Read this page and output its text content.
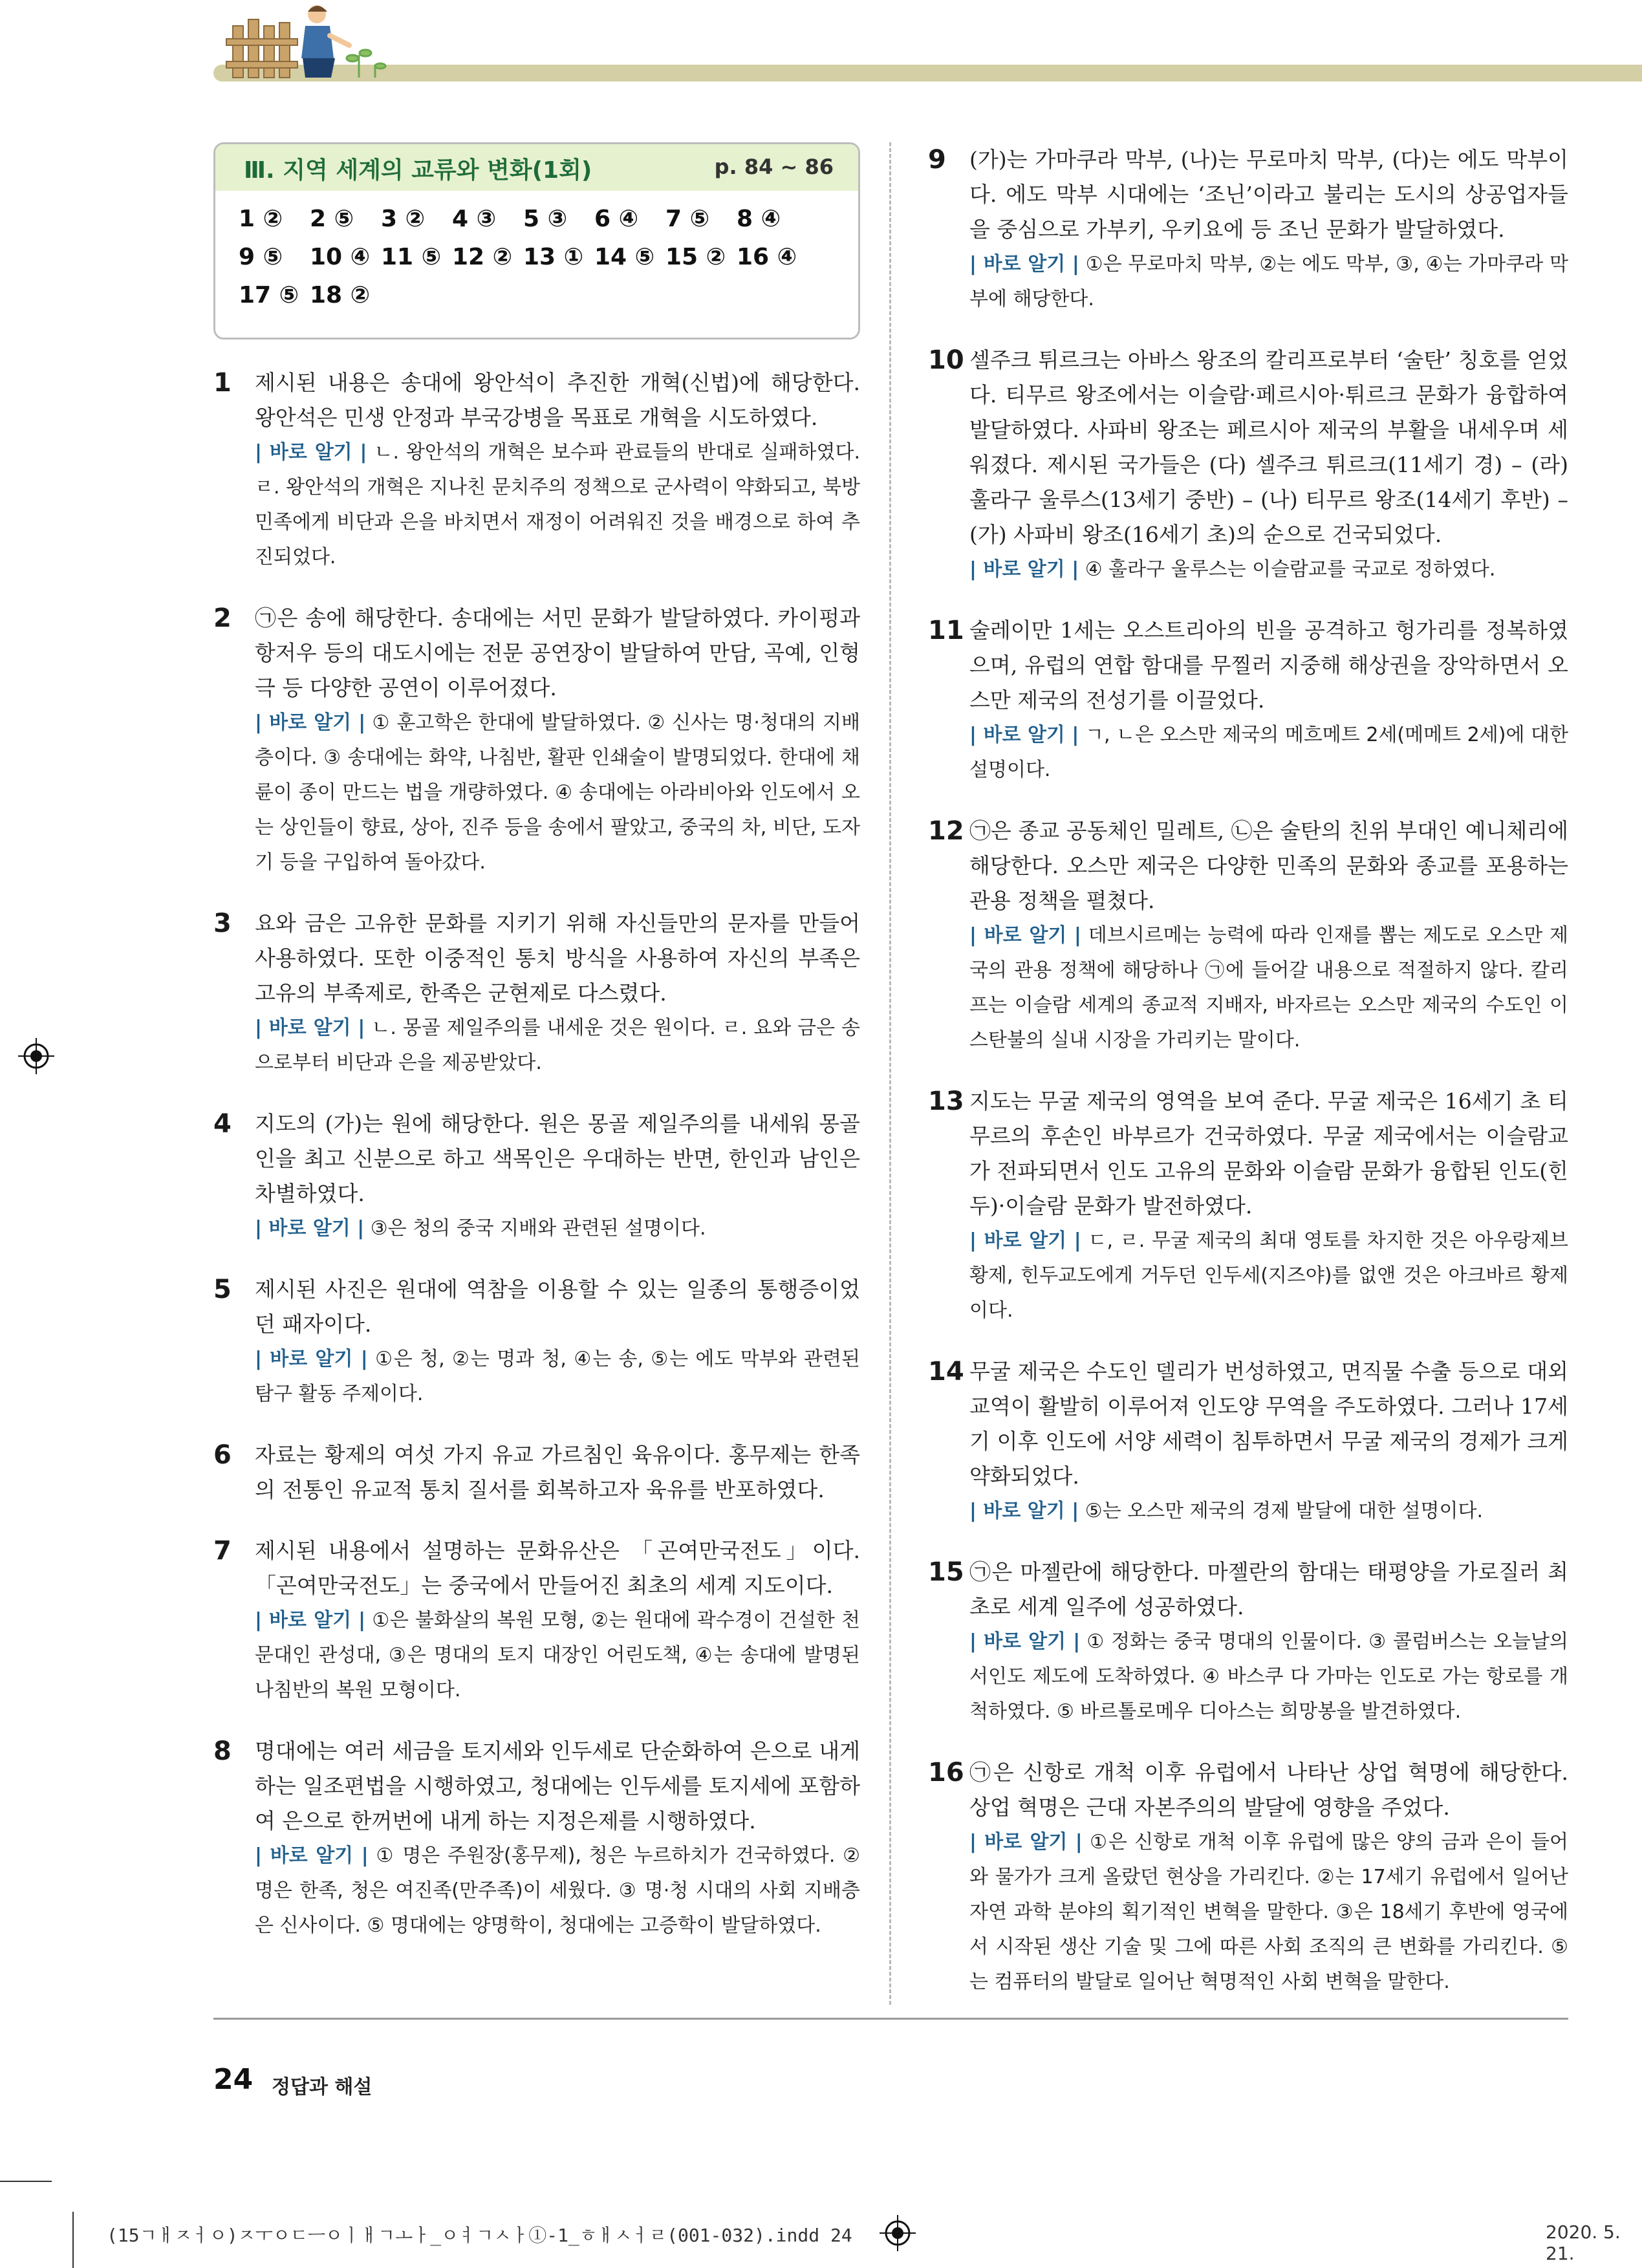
Ⅲ. 지역 세계의 교류와 변화(1회)	p. 84 ~ 86
1 ②	2 ⑤	3 ②	4 ③	5 ③	6 ④	7 ⑤	8 ④
9 ⑤	10 ④ 11 ⑤ 12 ② 13 ① 14 ⑤ 15 ② 16 ④
17 ⑤ 18 ②
1 제시된 내용은 송대에 왕안석이 추진한 개혁(신법)에 해당한다. 왕안석은 민생 안정과 부국강병을 목표로 개혁을 시도하였다.
| 바로 알기 | ㄴ. 왕안석의 개혁은 보수파 관료들의 반대로 실패하였다. ㄹ. 왕안석의 개혁은 지나친 문치주의 정책으로 군사력이 약화되고, 북방 민족에게 비단과 은을 바치면서 재정이 어려워진 것을 배경으로 하여 추진되었다.
2 ㉠은 송에 해당한다. 송대에는 서민 문화가 발달하였다. 카이펑과 항저우 등의 대도시에는 전문 공연장이 발달하여 만담, 곡예, 인형극 등 다양한 공연이 이루어졌다.
| 바로 알기 | ① 훈고학은 한대에 발달하였다. ② 신사는 명·청대의 지배층이다. ③ 송대에는 화약, 나침반, 활판 인쇄술이 발명되었다. 한대에 채륜이 종이 만드는 법을 개량하였다. ④ 송대에는 아라비아와 인도에서 오는 상인들이 향료, 상아, 진주 등을 송에서 팔았고, 중국의 차, 비단, 도자기 등을 구입하여 돌아갔다.
3 요와 금은 고유한 문화를 지키기 위해 자신들만의 문자를 만들어 사용하였다. 또한 이중적인 통치 방식을 사용하여 자신의 부족은 고유의 부족제로, 한족은 군현제로 다스렸다.
| 바로 알기 | ㄴ. 몽골 제일주의를 내세운 것은 원이다. ㄹ. 요와 금은 송으로부터 비단과 은을 제공받았다.
4 지도의 (가)는 원에 해당한다. 원은 몽골 제일주의를 내세워 몽골인을 최고 신분으로 하고 색목인은 우대하는 반면, 한인과 남인은 차별하였다.
| 바로 알기 | ③은 청의 중국 지배와 관련된 설명이다.
5 제시된 사진은 원대에 역참을 이용할 수 있는 일종의 통행증이었던 패자이다.
| 바로 알기 | ①은 청, ②는 명과 청, ④는 송, ⑤는 에도 막부와 관련된 탐구 활동 주제이다.
6 자료는 황제의 여섯 가지 유교 가르침인 육유이다. 홍무제는 한족의 전통인 유교적 통치 질서를 회복하고자 육유를 반포하였다.
7 제시된 내용에서 설명하는 문화유산은 「곤여만국전도」이다. 「곤여만국전도」는 중국에서 만들어진 최초의 세계 지도이다.
| 바로 알기 | ①은 불화살의 복원 모형, ②는 원대에 곽수경이 건설한 천문대인 관성대, ③은 명대의 토지 대장인 어린도책, ④는 송대에 발명된 나침반의 복원 모형이다.
8 명대에는 여러 세금을 토지세와 인두세로 단순화하여 은으로 내게 하는 일조편법을 시행하였고, 청대에는 인두세를 토지세에 포함하여 은으로 한꺼번에 내게 하는 지정은제를 시행하였다.
| 바로 알기 | ① 명은 주원장(홍무제), 청은 누르하치가 건국하였다. ② 명은 한족, 청은 여진족(만주족)이 세웠다. ③ 명·청 시대의 사회 지배층은 신사이다. ⑤ 명대에는 양명학이, 청대에는 고증학이 발달하였다.
9 (가)는 가마쿠라 막부, (나)는 무로마치 막부, (다)는 에도 막부이다. 에도 막부 시대에는 ‘조닌’이라고 불리는 도시의 상공업자들을 중심으로 가부키, 우키요에 등 조닌 문화가 발달하였다.
| 바로 알기 | ①은 무로마치 막부, ②는 에도 막부, ③, ④는 가마쿠라 막부에 해당한다.
10 셀주크 튀르크는 아바스 왕조의 칼리프로부터 ‘술탄’ 칭호를 얻었다. 티무르 왕조에서는 이슬람·페르시아·튀르크 문화가 융합하여 발달하였다. 사파비 왕조는 페르시아 제국의 부활을 내세우며 세워졌다. 제시된 국가들은 (다) 셀주크 튀르크(11세기 경) – (라) 훌라구 울루스(13세기 중반) – (나) 티무르 왕조(14세기 후반) – (가) 사파비 왕조(16세기 초)의 순으로 건국되었다.
| 바로 알기 | ④ 훌라구 울루스는 이슬람교를 국교로 정하였다.
11 술레이만 1세는 오스트리아의 빈을 공격하고 헝가리를 정복하였으며, 유럽의 연합 함대를 무찔러 지중해 해상권을 장악하면서 오스만 제국의 전성기를 이끌었다.
| 바로 알기 | ㄱ, ㄴ은 오스만 제국의 메흐메트 2세(메메트 2세)에 대한 설명이다.
12 ㉠은 종교 공동체인 밀레트, ㉡은 술탄의 친위 부대인 예니체리에 해당한다. 오스만 제국은 다양한 민족의 문화와 종교를 포용하는 관용 정책을 펼쳤다.
| 바로 알기 | 데브시르메는 능력에 따라 인재를 뽑는 제도로 오스만 제국의 관용 정책에 해당하나 ㉠에 들어갈 내용으로 적절하지 않다. 칼리프는 이슬람 세계의 종교적 지배자, 바자르는 오스만 제국의 수도인 이스탄불의 실내 시장을 가리키는 말이다.
13 지도는 무굴 제국의 영역을 보여 준다. 무굴 제국은 16세기 초 티무르의 후손인 바부르가 건국하였다. 무굴 제국에서는 이슬람교가 전파되면서 인도 고유의 문화와 이슬람 문화가 융합된 인도(힌두)·이슬람 문화가 발전하였다.
| 바로 알기 | ㄷ, ㄹ. 무굴 제국의 최대 영토를 차지한 것은 아우랑제브 황제, 힌두교도에게 거두던 인두세(지즈야)를 없앤 것은 아크바르 황제이다.
14 무굴 제국은 수도인 델리가 번성하였고, 면직물 수출 등으로 대외 교역이 활발히 이루어져 인도양 무역을 주도하였다. 그러나 17세기 이후 인도에 서양 세력이 침투하면서 무굴 제국의 경제가 크게 약화되었다.
| 바로 알기 | ⑤는 오스만 제국의 경제 발달에 대한 설명이다.
15 ㉠은 마젤란에 해당한다. 마젤란의 함대는 태평양을 가로질러 최초로 세계 일주에 성공하였다.
| 바로 알기 | ① 정화는 중국 명대의 인물이다. ③ 콜럼버스는 오늘날의 서인도 제도에 도착하였다. ④ 바스쿠 다 가마는 인도로 가는 항로를 개척하였다. ⑤ 바르톨로메우 디아스는 희망봉을 발견하였다.
16 ㉠은 신항로 개척 이후 유럽에서 나타난 상업 혁명에 해당한다. 상업 혁명은 근대 자본주의의 발달에 영향을 주었다.
| 바로 알기 | ①은 신항로 개척 이후 유럽에 많은 양의 금과 은이 들어와 물가가 크게 올랐던 현상을 가리킨다. ②는 17세기 유럽에서 일어난 자연 과학 분야의 획기적인 변혁을 말한다. ③은 18세기 후반에 영국에서 시작된 생산 기술 및 그에 따른 사회 조직의 큰 변화를 가리킨다. ⑤는 컴퓨터의 발달로 일어난 혁명적인 사회 변혁을 말한다.
24 정답과 해설
(15ㄱㅐㅈㅓㅇ)ㅈㅜㅇㄷㅡㅇㅣㅐㄱㅗㅏ_ㅇㅕㄱㅅㅏ①-1_ㅎㅐㅅㅓㄹ(001-032).indd 24	2020. 5. 21.
